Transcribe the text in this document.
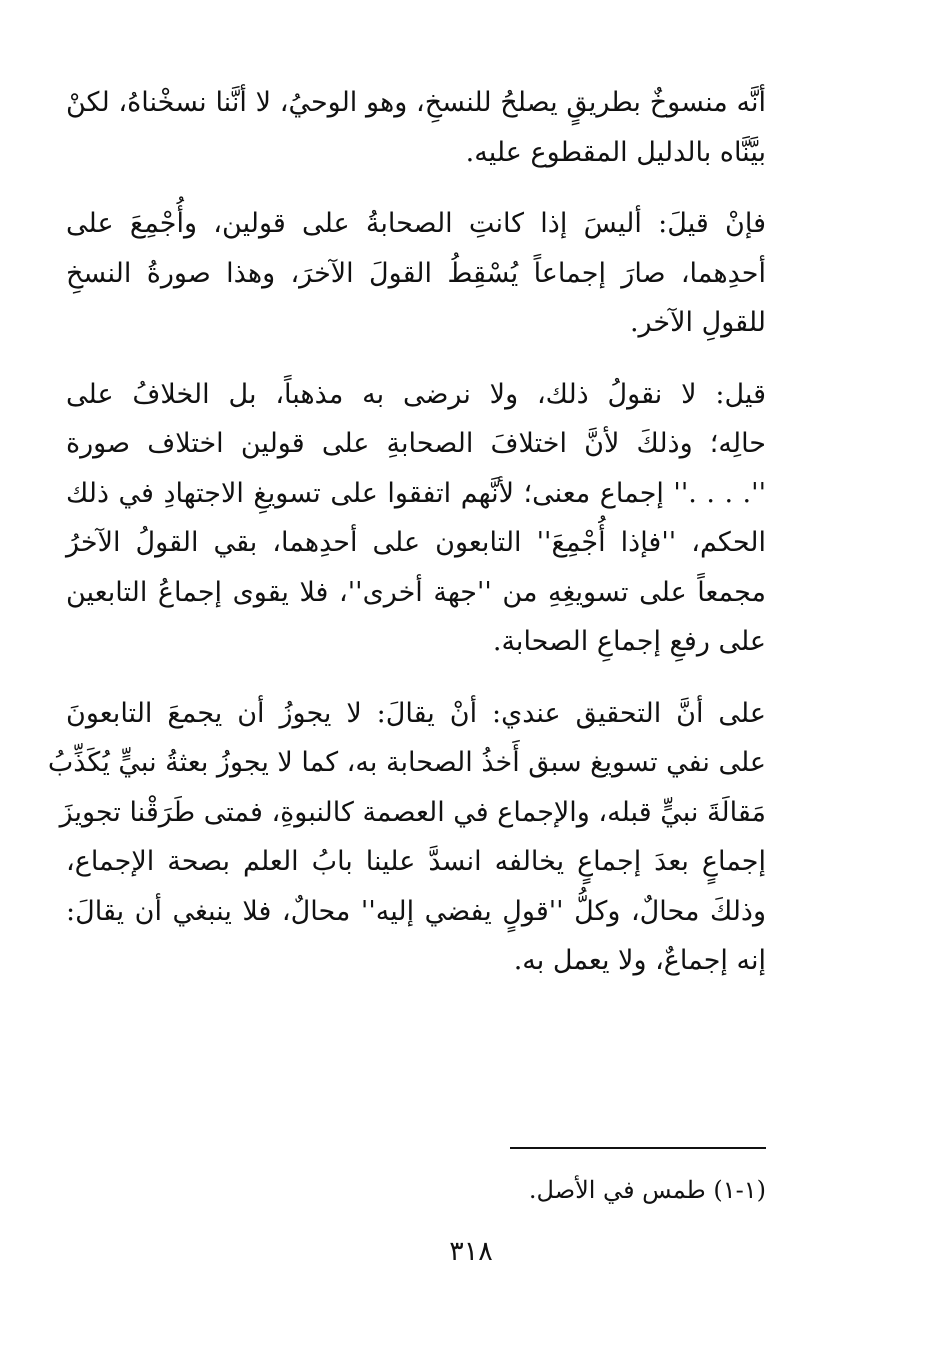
أنَّه منسوخٌ بطريقٍ يصلحُ للنسخِ، وهو الوحيُ، لا أنَّنا نسخْناهُ، لكنْ
بيَّنَّاه بالدليل المقطوع عليه.

فإنْ قيلَ: أليسَ إذا كانتِ الصحابةُ على قولين، وأُجْمِعَ على
أحدِهما، صارَ إجماعاً يُسْقِطُ القولَ الآخرَ، وهذا صورةُ النسخِ
للقولِ الآخر.

قيل: لا نقولُ ذلك، ولا نرضى به مذهباً، بل الخلافُ على
حالِه؛ وذلكَ لأنَّ اختلافَ الصحابةِ على قولين اختلاف صورة
''. . . .'' إجماع معنى؛ لأنَّهم اتفقوا على تسويغِ الاجتهادِ في ذلك
الحكم، ''فإذا أُجْمِعَ'' التابعون على أحدِهما، بقي القولُ الآخرُ
مجمعاً على تسويغِهِ من ''جهة أخرى''، فلا يقوى إجماعُ التابعين
على رفعِ إجماعِ الصحابة.

على أنَّ التحقيق عندي: أنْ يقالَ: لا يجوزُ أن يجمعَ التابعونَ
على نفي تسويغ سبق أَخذُ الصحابة به، كما لا يجوزُ بعثةُ نبيٍّ يُكَذِّبُ
مَقالَةَ نبيٍّ قبله، والإجماع في العصمة كالنبوةِ، فمتى طَرَقْنا تجويزَ
إجماعٍ بعدَ إجماعٍ يخالفه انسدَّ علينا بابُ العلم بصحة الإجماع،
وذلكَ محالٌ، وكلُّ ''قولٍ يفضي إليه'' محالٌ، فلا ينبغي أن يقالَ:
إنه إجماعٌ، ولا يعمل به.

(١-١) طمس في الأصل.
٣١٨
